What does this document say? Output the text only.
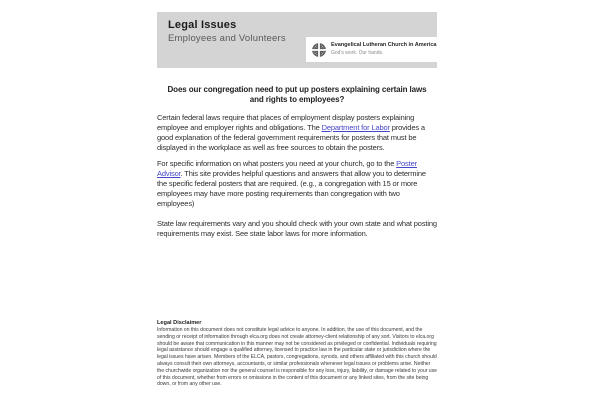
Legal Issues
Employees and Volunteers
Evangelical Lutheran Church in America
God's work. Our hands.
Does our congregation need to put up posters explaining certain laws and rights to employees?
Certain federal laws require that places of employment display posters explaining employee and employer rights and obligations. The Department for Labor provides a good explanation of the federal government requirements for posters that must be displayed in the workplace as well as free sources to obtain the posters.
For specific information on what posters you need at your church, go to the Poster Advisor. This site provides helpful questions and answers that allow you to determine the specific federal posters that are required. (e.g., a congregation with 15 or more employees may have more posting requirements than congregation with two employees)
State law requirements vary and you should check with your own state and what posting requirements may exist. See state labor laws for more information.
Legal Disclaimer
Information on this document does not constitute legal advice to anyone. In addition, the use of this document, and the sending or receipt of information through elca.org does not create attorney-client relationship of any sort. Visitors to elca.org should be aware that communication in this manner may not be considered as privileged or confidential. Individuals requiring legal assistance should engage a qualified attorney, licensed to practice law in the particular state or jurisdiction where the legal issues have arisen. Members of the ELCA, pastors, congregations, synods, and others affiliated with this church should always consult their own attorneys, accountants, or similar professionals whenever legal issues or problems arise. Neither the churchwide organization nor the general counsel is responsible for any loss, injury, liability, or damage related to your use of this document, whether from errors or omissions in the content of this document or any linked sites, from the site being down, or from any other use.
